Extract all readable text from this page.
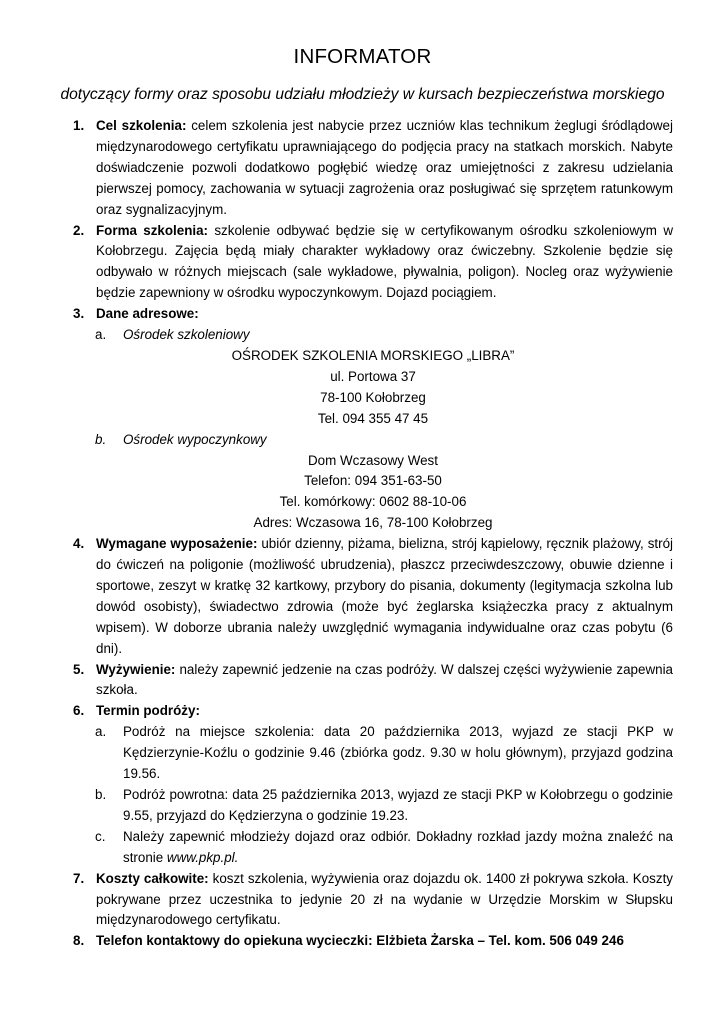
INFORMATOR
dotyczący formy oraz sposobu udziału młodzieży w kursach bezpieczeństwa morskiego
1. Cel szkolenia: celem szkolenia jest nabycie przez uczniów klas technikum żeglugi śródlądowej międzynarodowego certyfikatu uprawniającego do podjęcia pracy na statkach morskich. Nabyte doświadczenie pozwoli dodatkowo pogłębić wiedzę oraz umiejętności z zakresu udzielania pierwszej pomocy, zachowania w sytuacji zagrożenia oraz posługiwać się sprzętem ratunkowym oraz sygnalizacyjnym.
2. Forma szkolenia: szkolenie odbywać będzie się w certyfikowanym ośrodku szkoleniowym w Kołobrzegu. Zajęcia będą miały charakter wykładowy oraz ćwiczebny. Szkolenie będzie się odbywało w różnych miejscach (sale wykładowe, pływalnia, poligon). Nocleg oraz wyżywienie będzie zapewniony w ośrodku wypoczynkowym. Dojazd pociągiem.
3. Dane adresowe:
a. Ośrodek szkoleniowy
OŚRODEK SZKOLENIA MORSKIEGO „LIBRA”
ul. Portowa 37
78-100 Kołobrzeg
Tel. 094 355 47 45
b. Ośrodek wypoczynkowy
Dom Wczasowy West
Telefon: 094 351-63-50
Tel. komórkowy: 0602 88-10-06
Adres: Wczasowa 16, 78-100 Kołobrzeg
4. Wymagane wyposażenie: ubiór dzienny, piżama, bielizna, strój kąpielowy, ręcznik plażowy, strój do ćwiczeń na poligonie (możliwość ubrudzenia), płaszcz przeciwdeszczowy, obuwie dzienne i sportowe, zeszyt w kratkę 32 kartkowy, przybory do pisania, dokumenty (legitymacja szkolna lub dowód osobisty), świadectwo zdrowia (może być żeglarska książeczka pracy z aktualnym wpisem). W doborze ubrania należy uwzględnić wymagania indywidualne oraz czas pobytu (6 dni).
5. Wyżywienie: należy zapewnić jedzenie na czas podróży. W dalszej części wyżywienie zapewnia szkoła.
6. Termin podróży:
a. Podróż na miejsce szkolenia: data 20 października 2013, wyjazd ze stacji PKP w Kędzierzynie-Koźlu o godzinie 9.46 (zbiórka godz. 9.30 w holu głównym), przyjazd godzina 19.56.
b. Podróż powrotna: data 25 października 2013, wyjazd ze stacji PKP w Kołobrzegu o godzinie 9.55, przyjazd do Kędzierzyna o godzinie 19.23.
c. Należy zapewnić młodzieży dojazd oraz odbiór. Dokładny rozkład jazdy można znaleźć na stronie www.pkp.pl.
7. Koszty całkowite: koszt szkolenia, wyżywienia oraz dojazdu ok. 1400 zł pokrywa szkoła. Koszty pokrywane przez uczestnika to jedynie 20 zł na wydanie w Urzędzie Morskim w Słupsku międzynarodowego certyfikatu.
8. Telefon kontaktowy do opiekuna wycieczki: Elżbieta Żarska – Tel. kom. 506 049 246
